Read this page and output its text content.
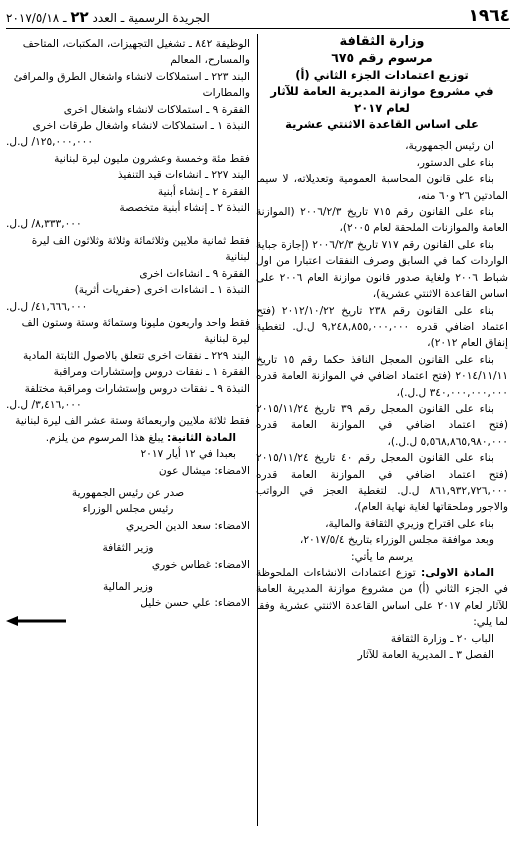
١٩٦٤
الجريدة الرسمية ـ العدد ٢٢ ـ ٢٠١٧/٥/١٨

وزارة الثقافة

مرسوم رقم ٦٧٥

توزيع اعتمادات الجزء الثاني (أ)

في مشروع موازنة المديرية العامة للآثار

لعام ٢٠١٧

على اساس القاعدة الاثنتي عشرية

ان رئيس الجمهورية،

بناء على الدستور،

بناء على قانون المحاسبة العمومية وتعديلاته، لا سيما المادتين ٢٦ و٦٠ منه،

بناء على القانون رقم ٧١٥ تاريخ ٢٠٠٦/٢/٣ (الموازنة العامة والموازنات الملحقة لعام ٢٠٠٥)،

بناء على القانون رقم ٧١٧ تاريخ ٢٠٠٦/٢/٣ (إجازة جباية الواردات كما في السابق وصرف النفقات اعتبارا من اول شباط ٢٠٠٦ ولغاية صدور قانون موازنة العام ٢٠٠٦ على اساس القاعدة الاثنتي عشرية)،

بناء على القانون رقم ٢٣٨ تاريخ ٢٠١٢/١٠/٢٢ (فتح اعتماد اضافي قدره ٩,٢٤٨,٨٥٥,٠٠٠,٠٠٠ ل.ل. لتغطية إنفاق العام ٢٠١٢)،

بناء على القانون المعجل النافذ حكما رقم ١٥ تاريخ ٢٠١٤/١١/١١ (فتح اعتماد اضافي في الموازنة العامة قدره ٣٤٠,٠٠٠,٠٠٠,٠٠٠ ل.ل.)،

بناء على القانون المعجل رقم ٣٩ تاريخ ٢٠١٥/١١/٢٤ (فتح اعتماد اضافي في الموازنة العامة قدره ٥,٥٦٨,٨٦٥,٩٨٠,٠٠٠ ل.ل.)،

بناء على القانون المعجل رقم ٤٠ تاريخ ٢٠١٥/١١/٢٤ (فتح اعتماد اضافي في الموازنة العامة قدره ٨٦١,٩٣٢,٧٢٦,٠٠٠ ل.ل. لتغطية العجز في الرواتب والاجور وملحقاتها لغاية نهاية العام)،

بناء على اقتراح وزيري الثقافة والمالية،

وبعد موافقة مجلس الوزراء بتاريخ ٢٠١٧/٥/٤،

يرسم ما يأتي:

المادة الاولى: توزع اعتمادات الانشاءات الملحوظة في الجزء الثاني (أ) من مشروع موازنة المديرية العامة للآثار لعام ٢٠١٧ على اساس القاعدة الاثنتي عشرية وفقا لما يلي:

الباب ٢٠ ـ وزارة الثقافة

الفصل ٣ ـ المديرية العامة للآثار

الوظيفة ٨٤٢ ـ تشغيل التجهيزات، المكتبات، المتاحف والمسارح، المعالم

البند ٢٢٣ ـ استملاكات لانشاء واشغال الطرق والمرافئ والمطارات

الفقرة ٩ ـ استملاكات لانشاء واشغال اخرى

النبذة ١ ـ استملاكات لانشاء واشغال طرقات اخرى

١٢٥,٠٠٠,٠٠٠/ ل.ل.

فقط مئة وخمسة وعشرون مليون ليرة لبنانية

البند ٢٢٧ ـ انشاءات قيد التنفيذ

الفقرة ٢ ـ إنشاء أبنية

النبذة ٢ ـ إنشاء أبنية متخصصة

٨,٣٣٣,٠٠٠/ ل.ل.

فقط ثمانية ملايين وثلاثمائة وثلاثة وثلاثون الف ليرة لبنانية

الفقرة ٩ ـ انشاءات اخرى

النبذة ١ ـ انشاءات اخرى (حفريات أثرية)

٤١,٦٦٦,٠٠٠/ ل.ل.

فقط واحد واربعون مليونا وستمائة وستة وستون الف ليرة لبنانية

البند ٢٢٩ ـ نفقات اخرى تتعلق بالاصول الثابتة المادية

الفقرة ١ ـ نفقات دروس وإستشارات ومراقبة

النبذة ٩ ـ نفقات دروس وإستشارات ومراقبة مختلفة

٣,٤١٦,٠٠٠/ ل.ل.

فقط ثلاثة ملايين واربعمائة وستة عشر الف ليرة لبنانية

المادة الثانية: يبلغ هذا المرسوم من يلزم.

بعبدا في ١٢ أيار ٢٠١٧

الامضاء: ميشال عون

صدر عن رئيس الجمهورية

رئيس مجلس الوزراء

الامضاء: سعد الدين الحريري

وزير الثقافة

الامضاء: غطاس خوري

وزير المالية

الامضاء: علي حسن خليل
